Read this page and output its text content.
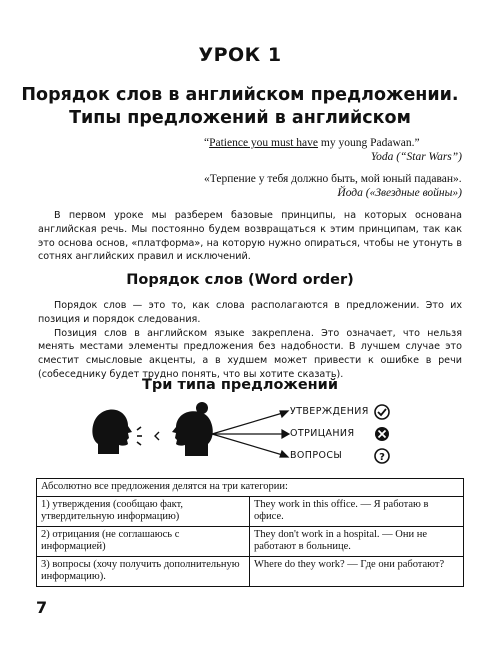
УРОК 1
Порядок слов в английском предложении.
Типы предложений в английском
“Patience you must have my young Padawan.”
Yoda (“Star Wars”)
«Терпение у тебя должно быть, мой юный падаван».
Йода («Звездные войны»)

В первом уроке мы разберем базовые принципы, на которых основана английская речь. Мы постоянно будем возвращаться к этим принципам, так как это основа основ, «платформа», на которую нужно опираться, чтобы не утонуть в сотнях английских правил и исключений.

Порядок слов (Word order)

Порядок слов — это то, как слова располагаются в предложении. Это их позиция и порядок следования.

Позиция слов в английском языке закреплена. Это означает, что нельзя менять местами элементы предложения без надобности. В лучшем случае это сместит смысловые акценты, а в худшем может привести к ошибке в речи (собеседнику будет трудно понять, что вы хотите сказать).

Три типа предложений
?
УТВЕРЖДЕНИЯ
ОТРИЦАНИЯ
ВОПРОСЫ
Абсолютно все предложения делятся на три категории:	
1) утверждения (сообщаю факт, утвердительную информацию)	They work in this office. — Я работаю в офисе.
2) отрицания (не соглашаюсь с информацией)	They don't work in a hospital. — Они не работают в больнице.
3) вопросы (хочу получить дополнительную информацию).	Where do they work? — Где они работают?
7
